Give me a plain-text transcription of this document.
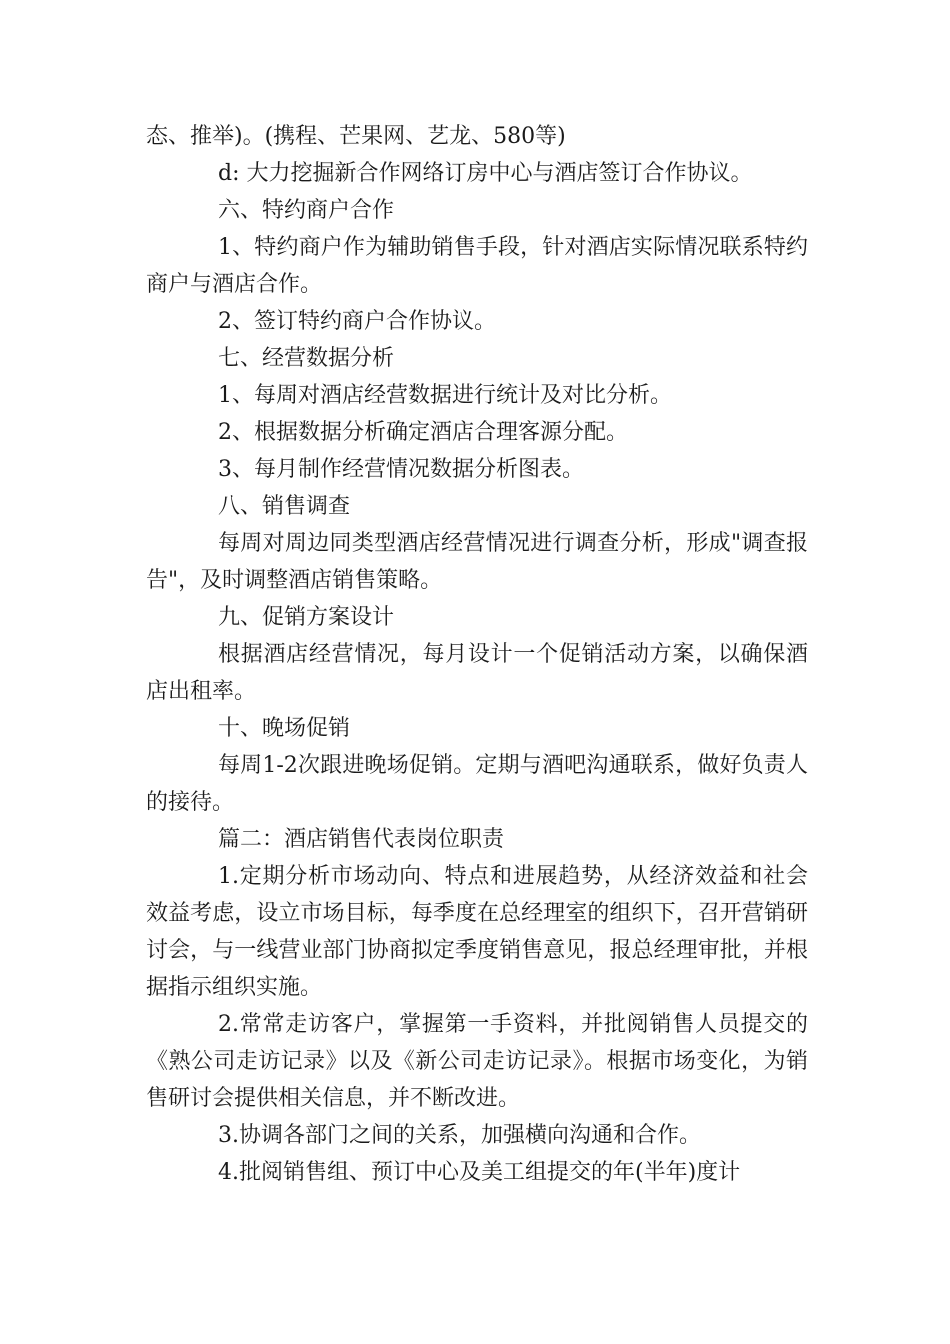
态、推举)。(携程、芒果网、艺龙、580等)

d: 大力挖掘新合作网络订房中心与酒店签订合作协议。

六、特约商户合作

1、特约商户作为辅助销售手段，针对酒店实际情况联系特约商户与酒店合作。

2、签订特约商户合作协议。

七、经营数据分析

1、每周对酒店经营数据进行统计及对比分析。

2、根据数据分析确定酒店合理客源分配。

3、每月制作经营情况数据分析图表。

八、销售调查

每周对周边同类型酒店经营情况进行调查分析，形成"调查报告"，及时调整酒店销售策略。

九、促销方案设计

根据酒店经营情况，每月设计一个促销活动方案，以确保酒店出租率。

十、晚场促销

每周1-2次跟进晚场促销。定期与酒吧沟通联系，做好负责人的接待。

篇二：酒店销售代表岗位职责

1.定期分析市场动向、特点和进展趋势，从经济效益和社会效益考虑，设立市场目标，每季度在总经理室的组织下，召开营销研讨会，与一线营业部门协商拟定季度销售意见，报总经理审批，并根据指示组织实施。

2.常常走访客户，掌握第一手资料，并批阅销售人员提交的《熟公司走访记录》以及《新公司走访记录》。根据市场变化，为销售研讨会提供相关信息，并不断改进。

3.协调各部门之间的关系，加强横向沟通和合作。

4.批阅销售组、预订中心及美工组提交的年(半年)度计
